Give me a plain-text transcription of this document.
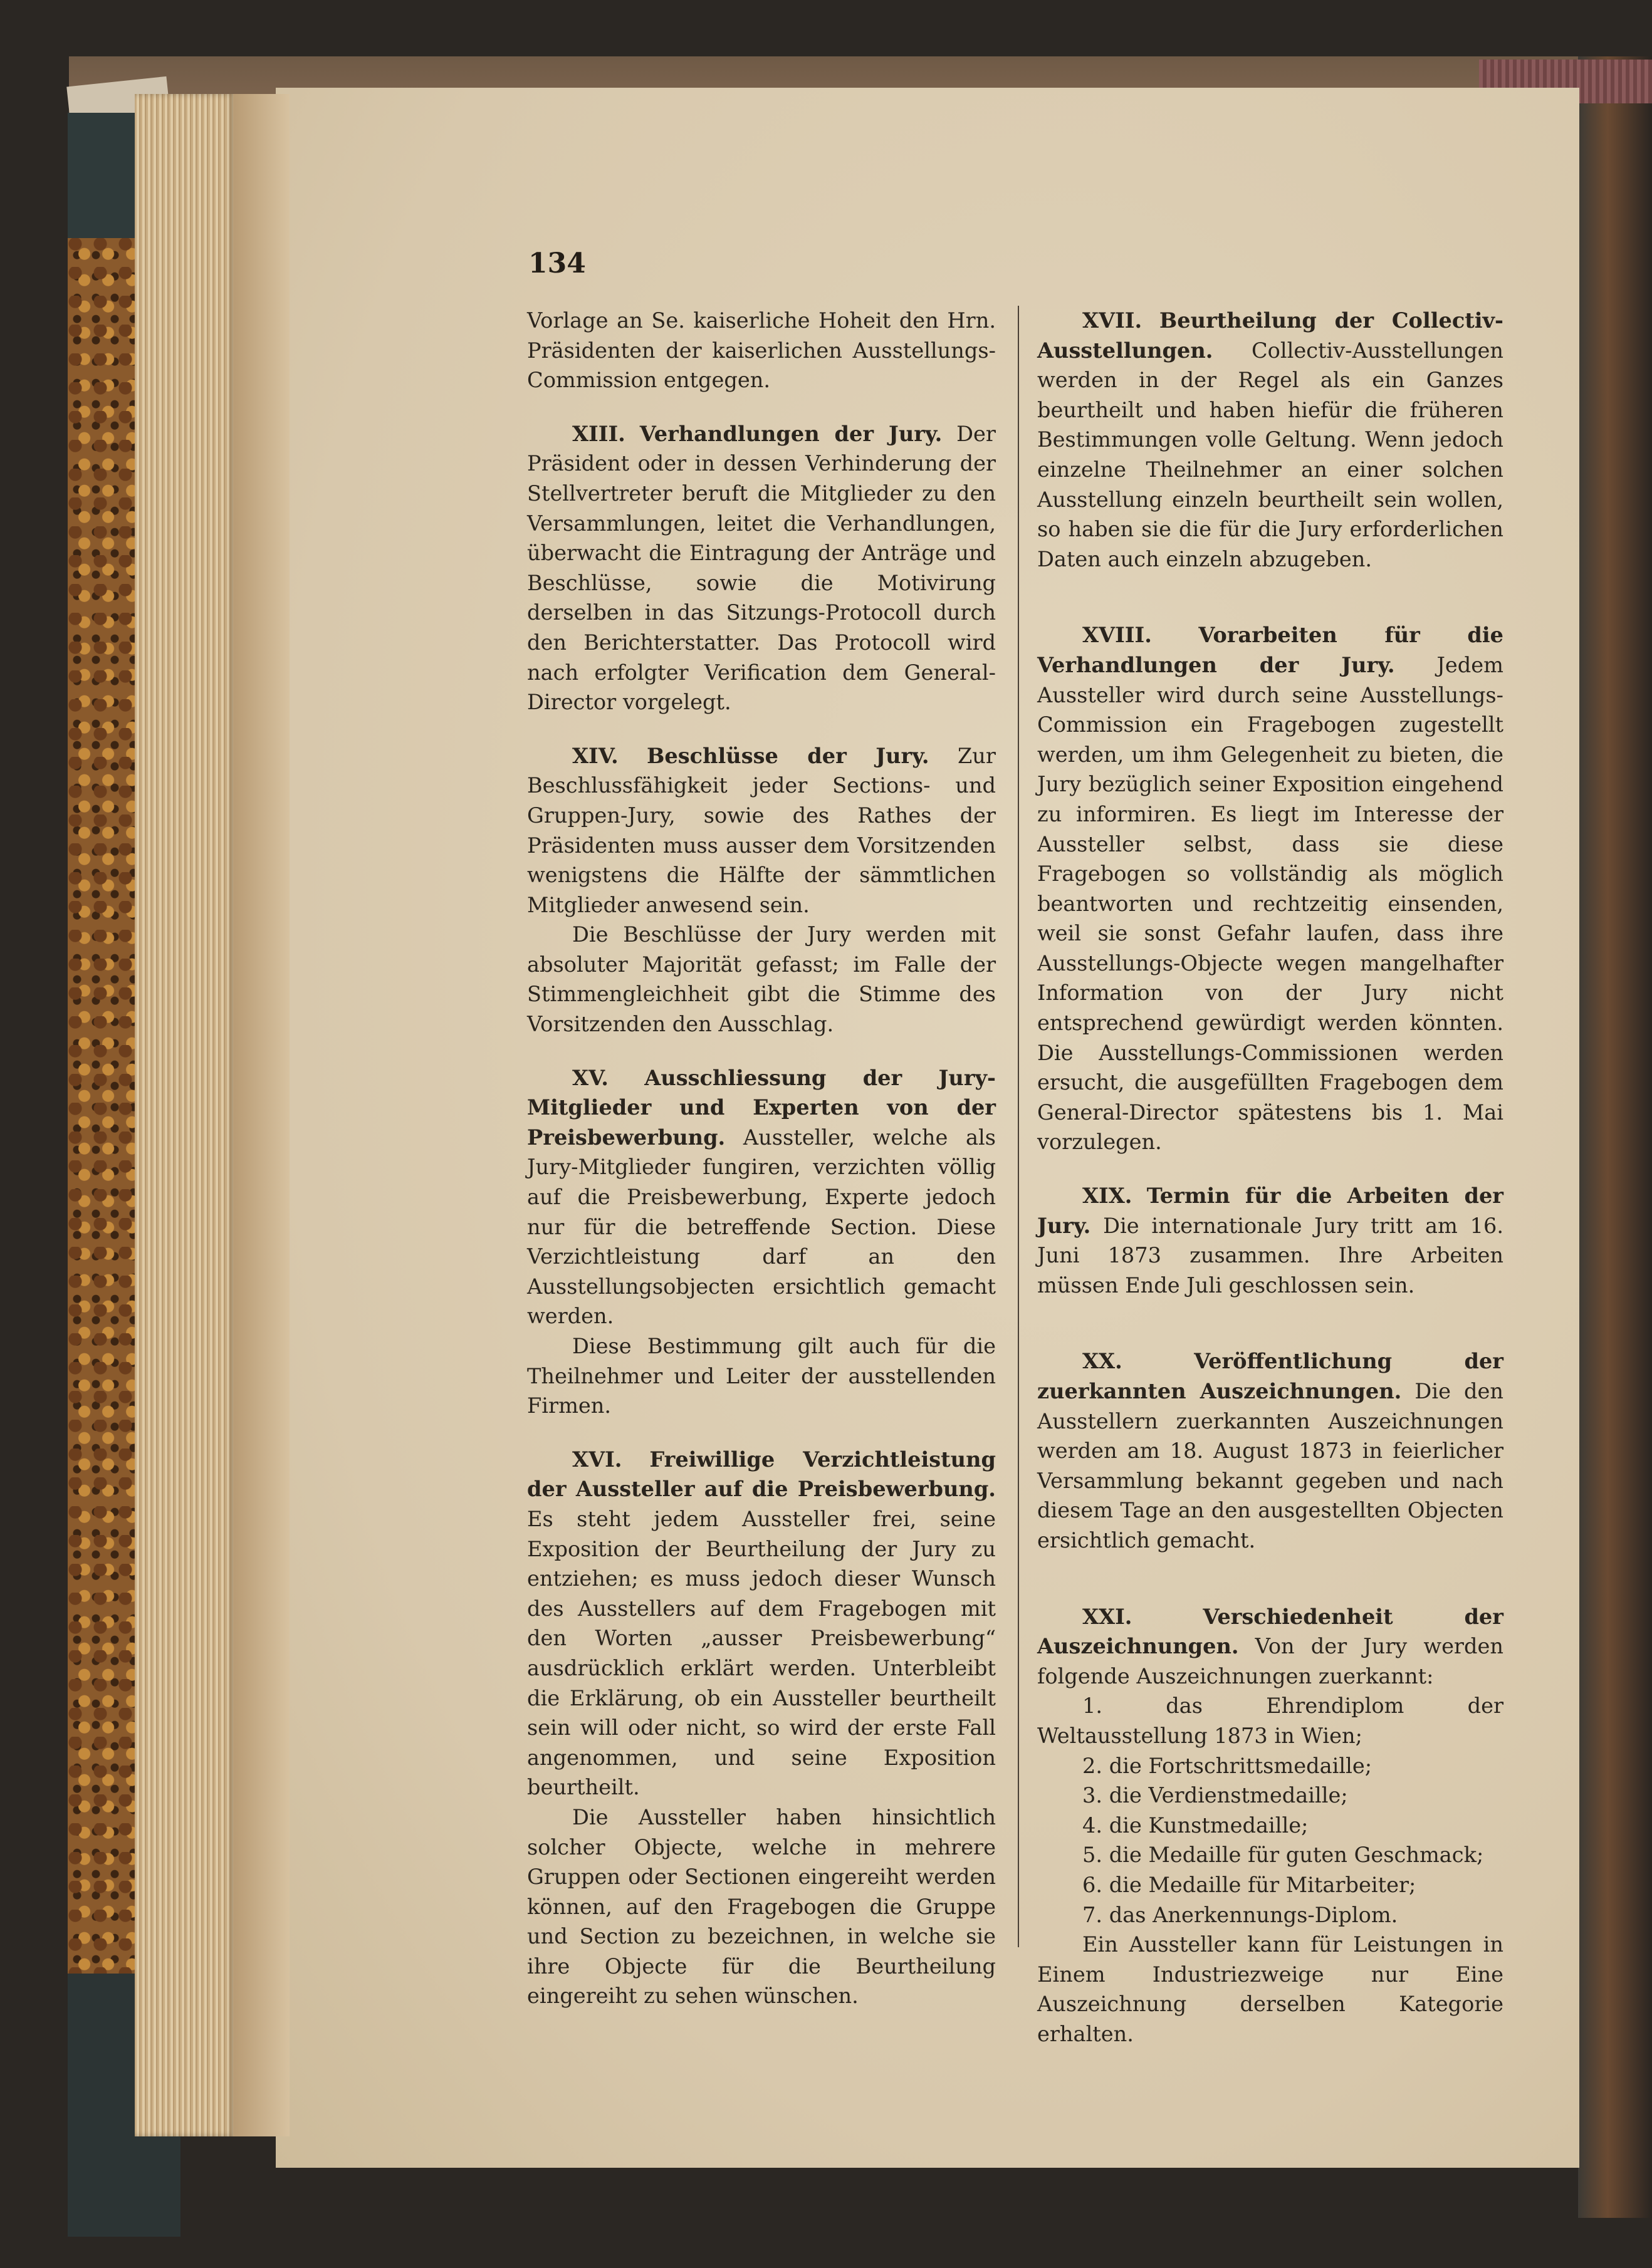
134

Vorlage an Se. kaiserliche Hoheit den Hrn. Präsidenten der kaiserlichen Ausstellungs-Commission entgegen.

XIII. Verhandlungen der Jury. Der Präsident oder in dessen Verhinderung der Stellvertreter beruft die Mitglieder zu den Versammlungen, leitet die Verhandlungen, überwacht die Eintragung der Anträge und Beschlüsse, sowie die Motivirung derselben in das Sitzungs-Protocoll durch den Berichterstatter. Das Protocoll wird nach erfolgter Verification dem General-Director vorgelegt.

XIV. Beschlüsse der Jury. Zur Beschlussfähigkeit jeder Sections- und Gruppen-Jury, sowie des Rathes der Präsidenten muss ausser dem Vorsitzenden wenigstens die Hälfte der sämmtlichen Mitglieder anwesend sein.

Die Beschlüsse der Jury werden mit absoluter Majorität gefasst; im Falle der Stimmengleichheit gibt die Stimme des Vorsitzenden den Ausschlag.

XV. Ausschliessung der Jury-Mitglieder und Experten von der Preisbewerbung. Aussteller, welche als Jury-Mitglieder fungiren, verzichten völlig auf die Preisbewerbung, Experte jedoch nur für die betreffende Section. Diese Verzichtleistung darf an den Ausstellungsobjecten ersichtlich gemacht werden.

Diese Bestimmung gilt auch für die Theilnehmer und Leiter der ausstellenden Firmen.

XVI. Freiwillige Verzichtleistung der Aussteller auf die Preisbewerbung. Es steht jedem Aussteller frei, seine Exposition der Beurtheilung der Jury zu entziehen; es muss jedoch dieser Wunsch des Ausstellers auf dem Fragebogen mit den Worten „ausser Preisbewerbung“ ausdrücklich erklärt werden. Unterbleibt die Erklärung, ob ein Aussteller beurtheilt sein will oder nicht, so wird der erste Fall angenommen, und seine Exposition beurtheilt.

Die Aussteller haben hinsichtlich solcher Objecte, welche in mehrere Gruppen oder Sectionen eingereiht werden können, auf den Fragebogen die Gruppe und Section zu bezeichnen, in welche sie ihre Objecte für die Beurtheilung eingereiht zu sehen wünschen.

XVII. Beurtheilung der Collectiv-Ausstellungen. Collectiv-Ausstellungen werden in der Regel als ein Ganzes beurtheilt und haben hiefür die früheren Bestimmungen volle Geltung. Wenn jedoch einzelne Theilnehmer an einer solchen Ausstellung einzeln beurtheilt sein wollen, so haben sie die für die Jury erforderlichen Daten auch einzeln abzugeben.

XVIII. Vorarbeiten für die Verhandlungen der Jury. Jedem Aussteller wird durch seine Ausstellungs-Commission ein Fragebogen zugestellt werden, um ihm Gelegenheit zu bieten, die Jury bezüglich seiner Exposition eingehend zu informiren. Es liegt im Interesse der Aussteller selbst, dass sie diese Fragebogen so vollständig als möglich beantworten und rechtzeitig einsenden, weil sie sonst Gefahr laufen, dass ihre Ausstellungs-Objecte wegen mangelhafter Information von der Jury nicht entsprechend gewürdigt werden könnten. Die Ausstellungs-Commissionen werden ersucht, die ausgefüllten Fragebogen dem General-Director spätestens bis 1. Mai vorzulegen.

XIX. Termin für die Arbeiten der Jury. Die internationale Jury tritt am 16. Juni 1873 zusammen. Ihre Arbeiten müssen Ende Juli geschlossen sein.

XX.	Veröffentlichung der zuerkannten Auszeichnungen. Die den Ausstellern zuerkannten Auszeichnungen werden am 18. August 1873 in feierlicher Versammlung bekannt gegeben und nach diesem Tage an den ausgestellten Objecten ersichtlich gemacht.

XXI.	Verschiedenheit der Auszeichnungen. Von der Jury werden folgende Auszeichnungen zuerkannt:

1. das Ehrendiplom der Weltausstellung 1873 in Wien;

2. die Fortschrittsmedaille;

3. die Verdienstmedaille;

4. die Kunstmedaille;

5. die Medaille für guten Geschmack;

6. die Medaille für Mitarbeiter;

7. das Anerkennungs-Diplom.

Ein Aussteller kann für Leistungen in Einem Industriezweige nur Eine Auszeichnung derselben Kategorie erhalten.
